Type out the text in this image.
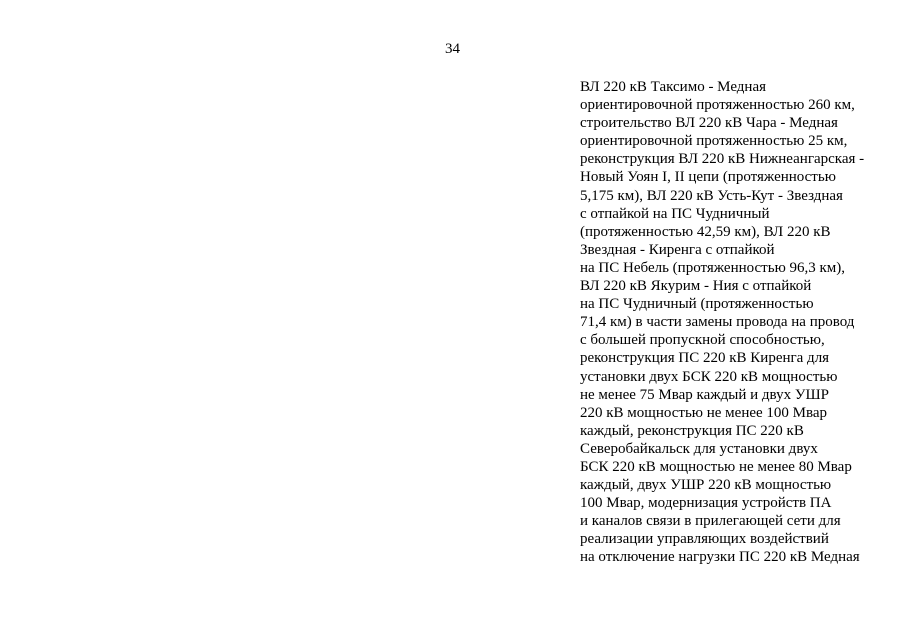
34
ВЛ 220 кВ Таксимо - Медная
ориентировочной протяженностью 260 км,
строительство ВЛ 220 кВ Чара - Медная
ориентировочной протяженностью 25 км,
реконструкция ВЛ 220 кВ Нижнеангарская -
Новый Уоян I, II цепи (протяженностью
5,175 км), ВЛ 220 кВ Усть-Кут - Звездная
с отпайкой на ПС Чудничный
(протяженностью 42,59 км), ВЛ 220 кВ
Звездная - Киренга с отпайкой
на ПС Небель (протяженностью 96,3 км),
ВЛ 220 кВ Якурим - Ния с отпайкой
на ПС Чудничный (протяженностью
71,4 км) в части замены провода на провод
с большей пропускной способностью,
реконструкция ПС 220 кВ Киренга для
установки двух БСК 220 кВ мощностью
не менее 75 Мвар каждый и двух УШР
220 кВ мощностью не менее 100 Мвар
каждый, реконструкция ПС 220 кВ
Северобайкальск для установки двух
БСК 220 кВ мощностью не менее 80 Мвар
каждый, двух УШР 220 кВ мощностью
100 Мвар, модернизация устройств ПА
и каналов связи в прилегающей сети для
реализации управляющих воздействий
на отключение нагрузки ПС 220 кВ Медная
